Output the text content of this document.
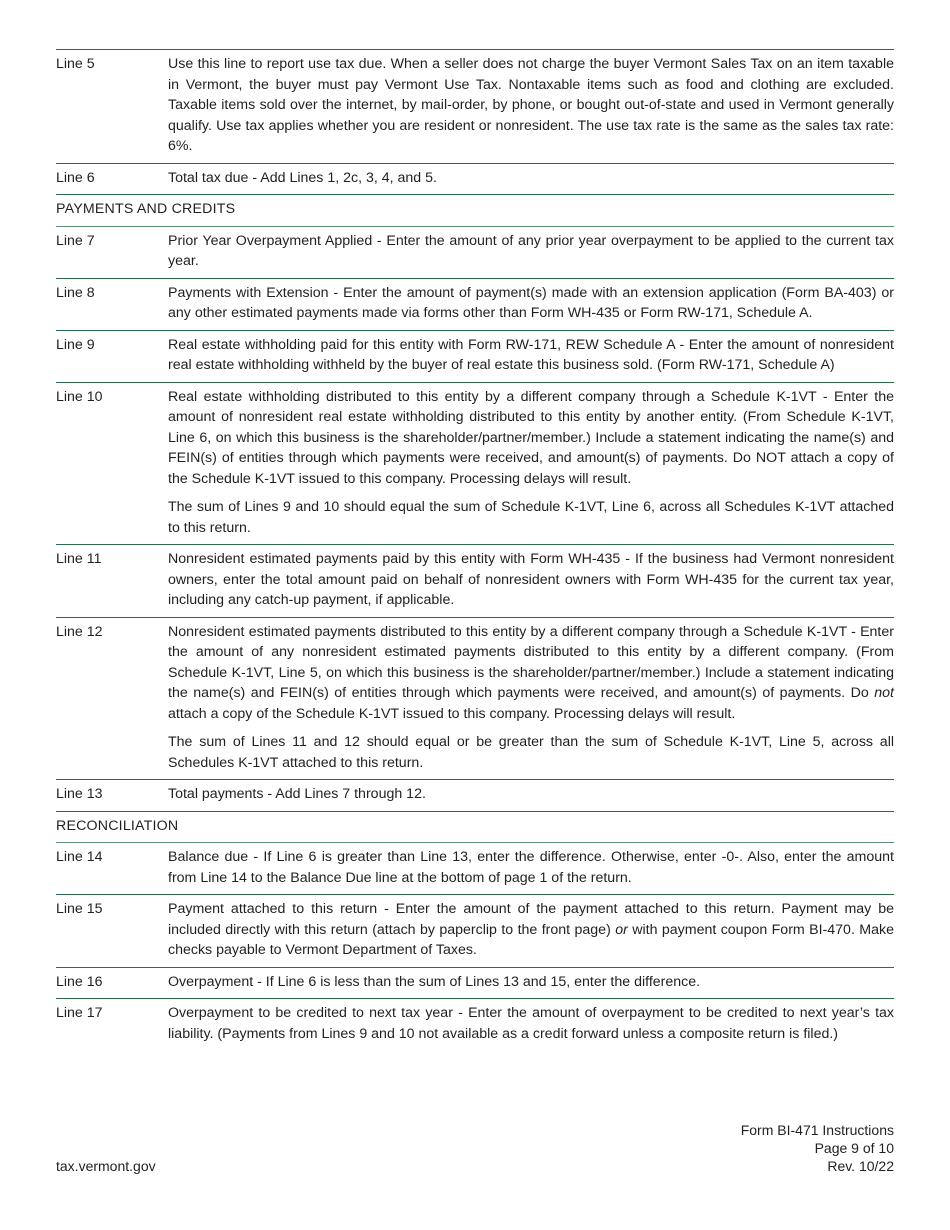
Line 5	Use this line to report use tax due. When a seller does not charge the buyer Vermont Sales Tax on an item taxable in Vermont, the buyer must pay Vermont Use Tax. Nontaxable items such as food and clothing are excluded. Taxable items sold over the internet, by mail-order, by phone, or bought out-of-state and used in Vermont generally qualify. Use tax applies whether you are resident or nonresident. The use tax rate is the same as the sales tax rate: 6%.

Line 6	Total tax due - Add Lines 1, 2c, 3, 4, and 5.

PAYMENTS AND CREDITS
Line 7	Prior Year Overpayment Applied - Enter the amount of any prior year overpayment to be applied to the current tax year.

Line 8	Payments with Extension - Enter the amount of payment(s) made with an extension application (Form BA-403) or any other estimated payments made via forms other than Form WH-435 or Form RW-171, Schedule A.

Line 9	Real estate withholding paid for this entity with Form RW-171, REW Schedule A - Enter the amount of nonresident real estate withholding withheld by the buyer of real estate this business sold. (Form RW-171, Schedule A)

Line 10	Real estate withholding distributed to this entity by a different company through a Schedule K-1VT - Enter the amount of nonresident real estate withholding distributed to this entity by another entity. (From Schedule K-1VT, Line 6, on which this business is the shareholder/partner/member.) Include a statement indicating the name(s) and FEIN(s) of entities through which payments were received, and amount(s) of payments. Do NOT attach a copy of the Schedule K-1VT issued to this company. Processing delays will result.

The sum of Lines 9 and 10 should equal the sum of Schedule K-1VT, Line 6, across all Schedules K-1VT attached to this return.

Line 11	Nonresident estimated payments paid by this entity with Form WH-435 - If the business had Vermont nonresident owners, enter the total amount paid on behalf of nonresident owners with Form WH-435 for the current tax year, including any catch-up payment, if applicable.

Line 12	Nonresident estimated payments distributed to this entity by a different company through a Schedule K-1VT - Enter the amount of any nonresident estimated payments distributed to this entity by a different company. (From Schedule K-1VT, Line 5, on which this business is the shareholder/partner/member.) Include a statement indicating the name(s) and FEIN(s) of entities through which payments were received, and amount(s) of payments. Do not attach a copy of the Schedule K-1VT issued to this company. Processing delays will result.

The sum of Lines 11 and 12 should equal or be greater than the sum of Schedule K-1VT, Line 5, across all Schedules K-1VT attached to this return.

Line 13	Total payments - Add Lines 7 through 12.

RECONCILIATION
Line 14	Balance due - If Line 6 is greater than Line 13, enter the difference. Otherwise, enter -0-. Also, enter the amount from Line 14 to the Balance Due line at the bottom of page 1 of the return.

Line 15	Payment attached to this return - Enter the amount of the payment attached to this return. Payment may be included directly with this return (attach by paperclip to the front page) or with payment coupon Form BI-470. Make checks payable to Vermont Department of Taxes.

Line 16	Overpayment - If Line 6 is less than the sum of Lines 13 and 15, enter the difference.

Line 17	Overpayment to be credited to next tax year - Enter the amount of overpayment to be credited to next year’s tax liability. (Payments from Lines 9 and 10 not available as a credit forward unless a composite return is filed.)

Form BI-471 Instructions
Page 9 of 10
Rev. 10/22
tax.vermont.gov
